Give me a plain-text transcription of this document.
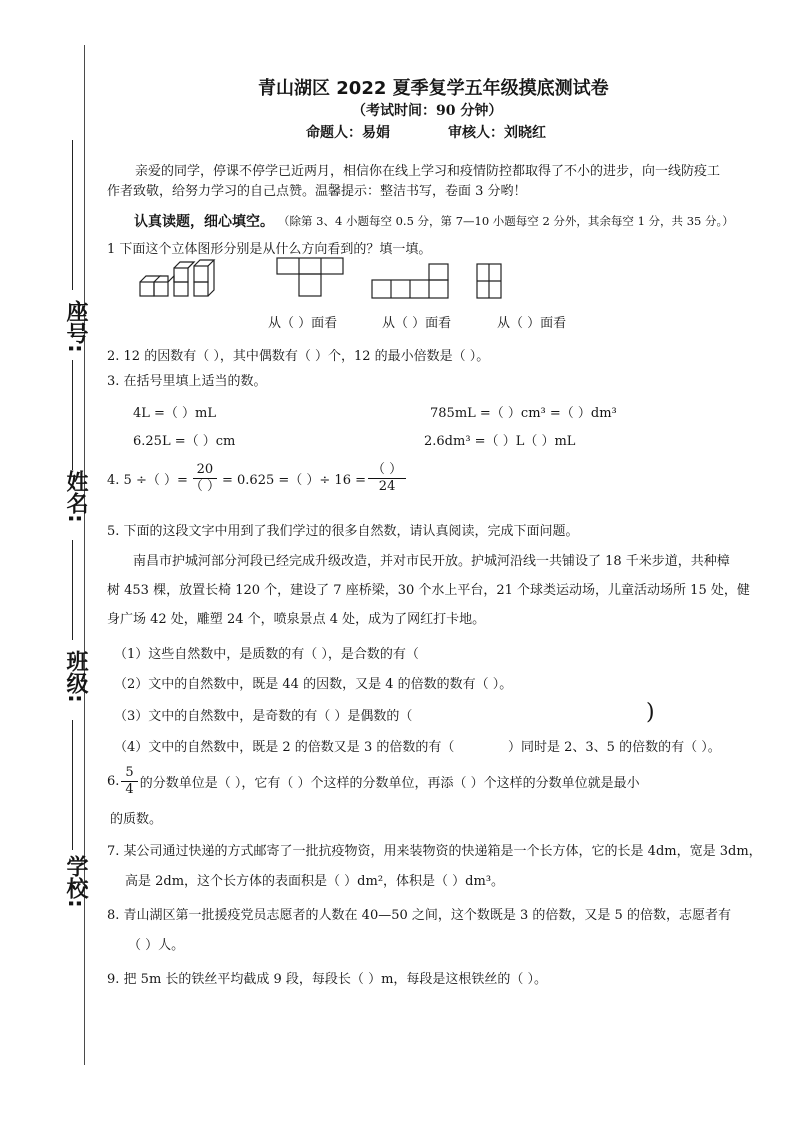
座号:
姓名:
班级:
学校:
青山湖区 2022 夏季复学五年级摸底测试卷
（考试时间：90 分钟）
命题人：易娟	审核人：刘晓红
亲爱的同学，停课不停学已近两月，相信你在线上学习和疫情防控都取得了不小的进步，向一线防疫工
作者致敬，给努力学习的自己点赞。温馨提示：整洁书写，卷面 3 分哟！
认真读题，细心填空。 （除第 3、4 小题每空 0.5 分，第 7—10 小题每空 2 分外，其余每空 1 分，共 35 分。）
1 下面这个立体图形分别是从什么方向看到的？填一填。
从（ ）面看	从（ ）面看	从（ ）面看
2. 12 的因数有（ ），其中偶数有（ ）个，12 的最小倍数是（ ）。
3. 在括号里填上适当的数。
4L =（ ）mL	785mL =（ ）cm³ =（ ）dm³
6.25L =（ ）cm	2.6dm³ =（ ）L（ ）mL
4. 5 ÷（ ）= $\frac{20}{( )} = 0.625$ =（ ）÷ $16 = \frac{( )}{24}$
5. 下面的这段文字中用到了我们学过的很多自然数，请认真阅读，完成下面问题。
南昌市护城河部分河段已经完成升级改造，并对市民开放。护城河沿线一共铺设了 18 千米步道，共种樟
树 453 棵，放置长椅 120 个，建设了 7 座桥梁，30 个水上平台，21 个球类运动场，儿童活动场所 15 处，健
身广场 42 处，雕塑 24 个，喷泉景点 4 处，成为了网红打卡地。
（1）这些自然数中，是质数的有（ ），是合数的有（
（2）文中的自然数中，既是 44 的因数，又是 4 的倍数的数有（ ）。
（3）文中的自然数中，是奇数的有（ ）是偶数的（	)
（4）文中的自然数中，既是 2 的倍数又是 3 的倍数的有（	）同时是 2、3、5 的倍数的有（ ）。
6. $\frac{5}{4}$ 的分数单位是（ ），它有（ ）个这样的分数单位，再添（ ）个这样的分数单位就是最小
的质数。
7. 某公司通过快递的方式邮寄了一批抗疫物资，用来装物资的快递箱是一个长方体，它的长是 4dm，宽是 3dm，
高是 2dm，这个长方体的表面积是（ ）dm²，体积是（ ）dm³。
8. 青山湖区第一批援疫党员志愿者的人数在 40—50 之间，这个数既是 3 的倍数，又是 5 的倍数，志愿者有
（ ）人。
9. 把 5m 长的铁丝平均截成 9 段，每段长（ ）m，每段是这根铁丝的（ ）。
